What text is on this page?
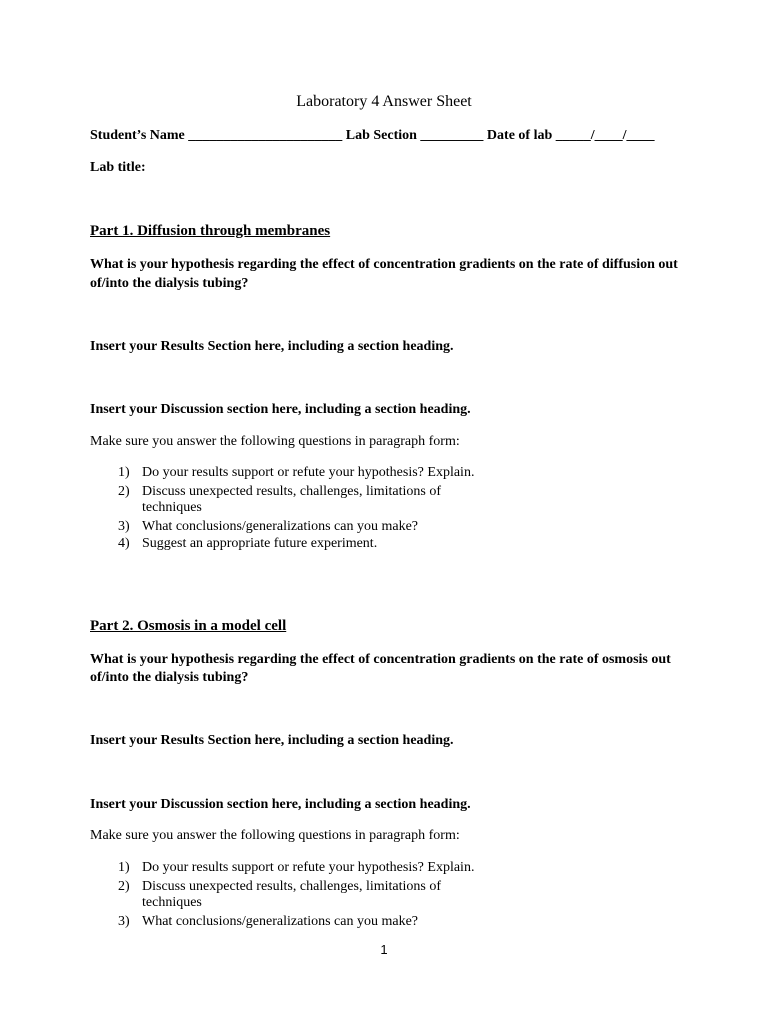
Laboratory 4 Answer Sheet
Student’s Name ______________________ Lab Section _________ Date of lab _____/____/____
Lab title:
Part 1. Diffusion through membranes
What is your hypothesis regarding the effect of concentration gradients on the rate of diffusion out
of/into the dialysis tubing?
Insert your Results Section here, including a section heading.
Insert your Discussion section here, including a section heading.
Make sure you answer the following questions in paragraph form:
1) Do your results support or refute your hypothesis? Explain.
2) Discuss unexpected results, challenges, limitations of
techniques
3) What conclusions/generalizations can you make?
4) Suggest an appropriate future experiment.
Part 2. Osmosis in a model cell
What is your hypothesis regarding the effect of concentration gradients on the rate of osmosis out
of/into the dialysis tubing?
Insert your Results Section here, including a section heading.
Insert your Discussion section here, including a section heading.
Make sure you answer the following questions in paragraph form:
1) Do your results support or refute your hypothesis? Explain.
2) Discuss unexpected results, challenges, limitations of
techniques
3) What conclusions/generalizations can you make?
1
